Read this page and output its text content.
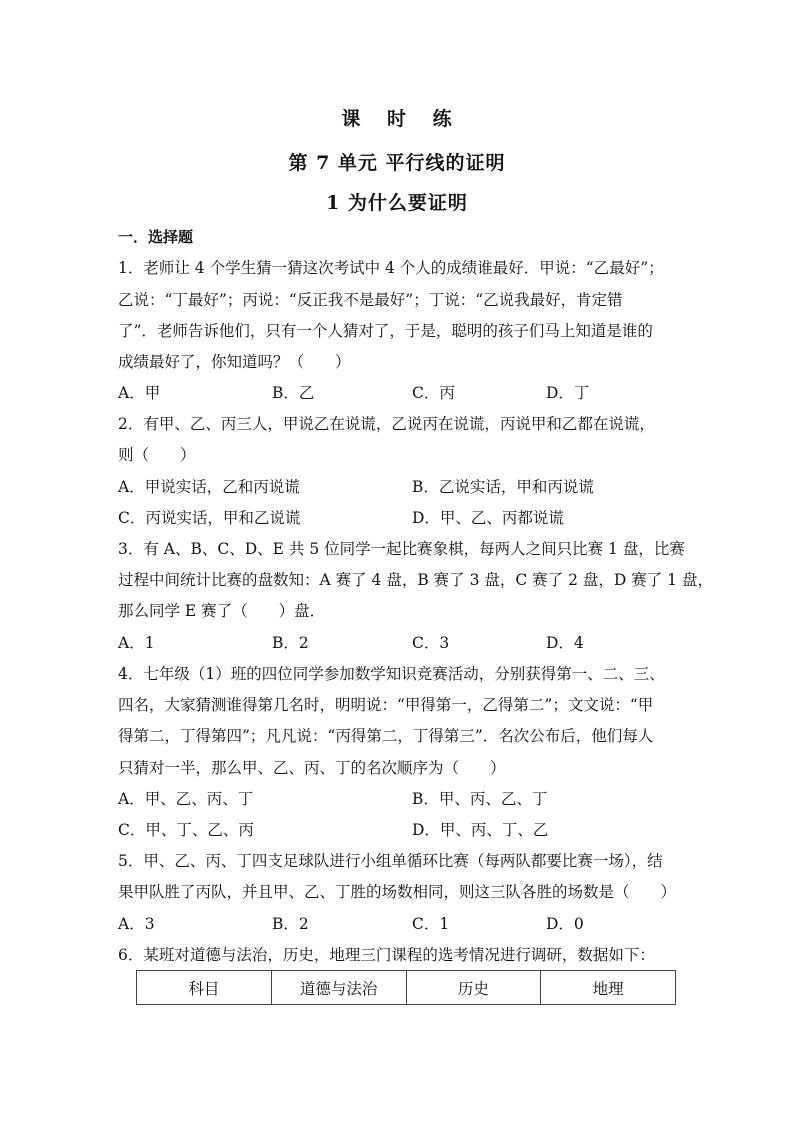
课 时 练
第 7 单元 平行线的证明
1 为什么要证明
一．选择题
1．老师让 4 个学生猜一猜这次考试中 4 个人的成绩谁最好．甲说：“乙最好”；
乙说：“丁最好”；丙说：“反正我不是最好”；丁说：“乙说我最好，肯定错
了”．老师告诉他们，只有一个人猜对了，于是，聪明的孩子们马上知道是谁的
成绩最好了，你知道吗？（　　）
A．甲	B．乙	C．丙	D．丁
2．有甲、乙、丙三人，甲说乙在说谎，乙说丙在说谎，丙说甲和乙都在说谎，
则（　　）
A．甲说实话，乙和丙说谎	B．乙说实话，甲和丙说谎
C．丙说实话，甲和乙说谎	D．甲、乙、丙都说谎
3．有 A、B、C、D、E 共 5 位同学一起比赛象棋，每两人之间只比赛 1 盘，比赛
过程中间统计比赛的盘数知：A 赛了 4 盘，B 赛了 3 盘，C 赛了 2 盘，D 赛了 1 盘，
那么同学 E 赛了（　　）盘．
A．1	B．2	C．3	D．4
4．七年级（1）班的四位同学参加数学知识竞赛活动，分别获得第一、二、三、
四名，大家猜测谁得第几名时，明明说：“甲得第一，乙得第二”；文文说：“甲
得第二，丁得第四”；凡凡说：“丙得第二，丁得第三”．名次公布后，他们每人
只猜对一半，那么甲、乙、丙、丁的名次顺序为（　　）
A．甲、乙、丙、丁	B．甲、丙、乙、丁
C．甲、丁、乙、丙	D．甲、丙、丁、乙
5．甲、乙、丙、丁四支足球队进行小组单循环比赛（每两队都要比赛一场），结
果甲队胜了丙队，并且甲、乙、丁胜的场数相同，则这三队各胜的场数是（　　）
A．3	B．2	C．1	D．0
6．某班对道德与法治，历史，地理三门课程的选考情况进行调研，数据如下：
科目	道德与法治	历史	地理
